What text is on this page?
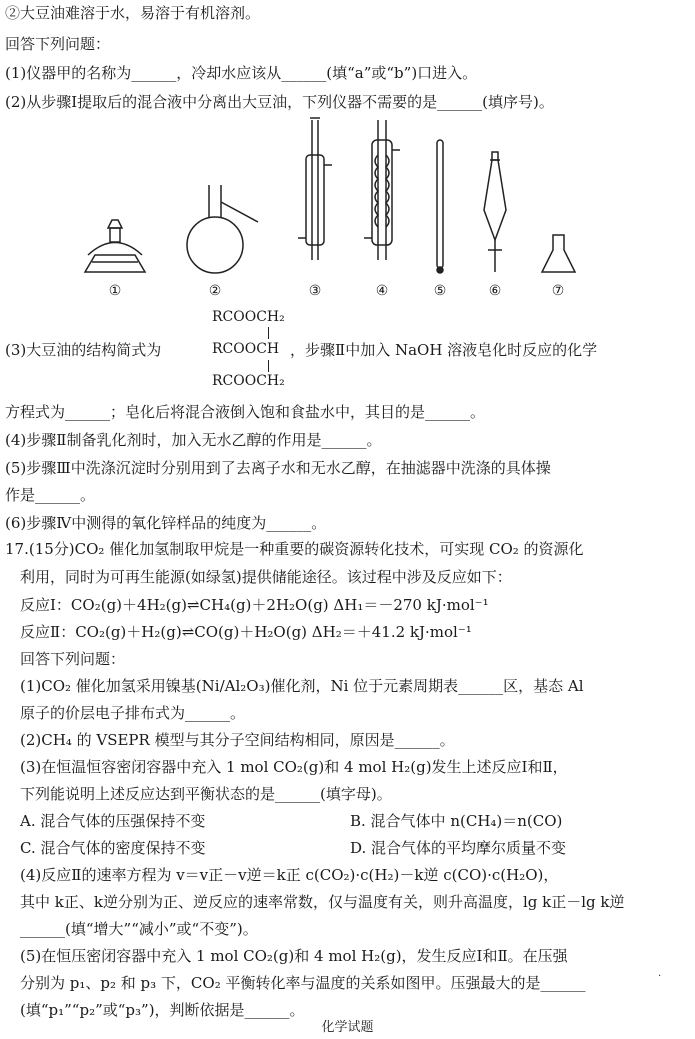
②大豆油难溶于水，易溶于有机溶剂。
回答下列问题：
(1)仪器甲的名称为______，冷却水应该从______(填“a”或“b”)口进入。
(2)从步骤Ⅰ提取后的混合液中分离出大豆油，下列仪器不需要的是______(填序号)。
①	②	③	④	⑤	⑥	⑦
RCOOCH₂
(3)大豆油的结构简式为	RCOOCH ，步骤Ⅱ中加入 NaOH 溶液皂化时反应的化学
RCOOCH₂
方程式为______；皂化后将混合液倒入饱和食盐水中，其目的是______。
(4)步骤Ⅱ制备乳化剂时，加入无水乙醇的作用是______。
(5)步骤Ⅲ中洗涤沉淀时分别用到了去离子水和无水乙醇，在抽滤器中洗涤的具体操
作是______。
(6)步骤Ⅳ中测得的氧化锌样品的纯度为______。
17.(15分)CO₂ 催化加氢制取甲烷是一种重要的碳资源转化技术，可实现 CO₂ 的资源化
利用，同时为可再生能源(如绿氢)提供储能途径。该过程中涉及反应如下：
反应Ⅰ：CO₂(g)＋4H₂(g)⇌CH₄(g)＋2H₂O(g) ΔH₁＝－270 kJ·mol⁻¹
反应Ⅱ：CO₂(g)＋H₂(g)⇌CO(g)＋H₂O(g) ΔH₂＝＋41.2 kJ·mol⁻¹
回答下列问题：
(1)CO₂ 催化加氢采用镍基(Ni/Al₂O₃)催化剂，Ni 位于元素周期表______区，基态 Al
原子的价层电子排布式为______。
(2)CH₄ 的 VSEPR 模型与其分子空间结构相同，原因是______。
(3)在恒温恒容密闭容器中充入 1 mol CO₂(g)和 4 mol H₂(g)发生上述反应Ⅰ和Ⅱ，
下列能说明上述反应达到平衡状态的是______(填字母)。
A. 混合气体的压强保持不变	B. 混合气体中 n(CH₄)＝n(CO)
C. 混合气体的密度保持不变	D. 混合气体的平均摩尔质量不变
(4)反应Ⅱ的速率方程为 v＝v正－v逆＝k正 c(CO₂)·c(H₂)－k逆 c(CO)·c(H₂O)，
其中 k正、k逆分别为正、逆反应的速率常数，仅与温度有关，则升高温度，lg k正－lg k逆
______(填“增大”“减小”或“不变”)。
(5)在恒压密闭容器中充入 1 mol CO₂(g)和 4 mol H₂(g)，发生反应Ⅰ和Ⅱ。在压强
分别为 p₁、p₂ 和 p₃ 下，CO₂ 平衡转化率与温度的关系如图甲。压强最大的是______
(填“p₁”“p₂”或“p₃”)，判断依据是______。
.
化学试题
